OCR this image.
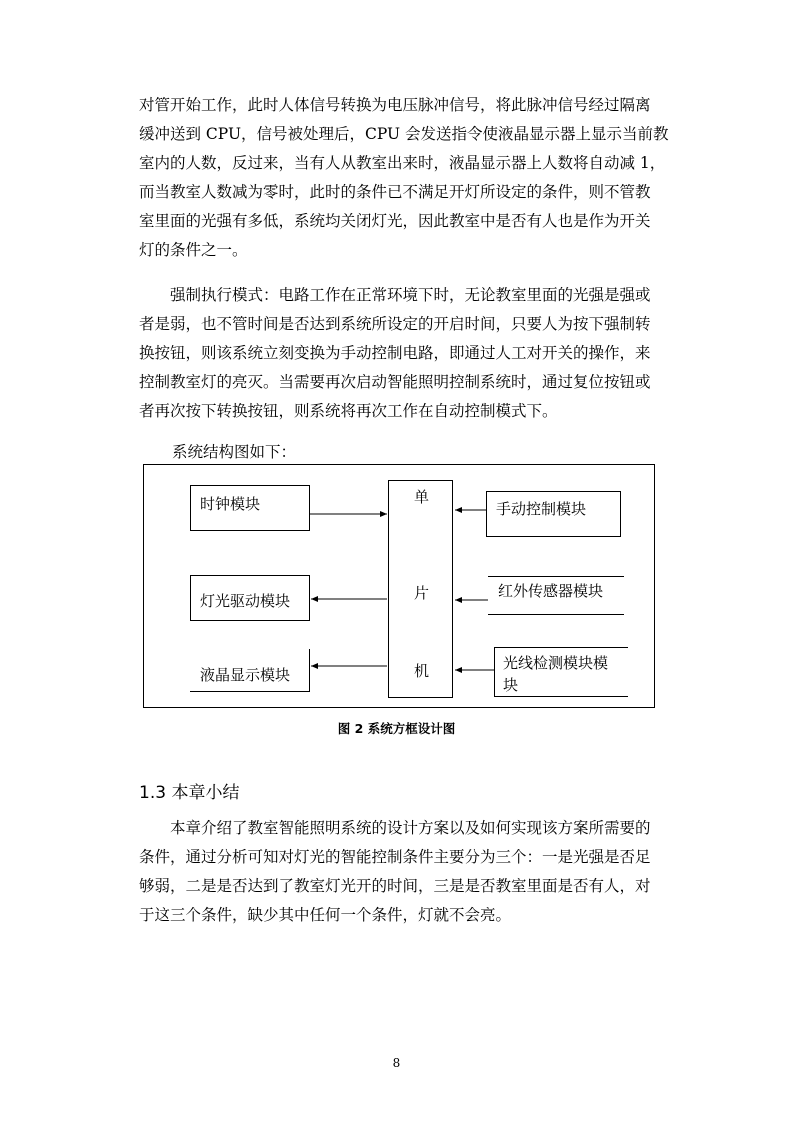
对管开始工作，此时人体信号转换为电压脉冲信号，将此脉冲信号经过隔离
缓冲送到 CPU，信号被处理后，CPU 会发送指令使液晶显示器上显示当前教
室内的人数，反过来，当有人从教室出来时，液晶显示器上人数将自动减 1，
而当教室人数减为零时，此时的条件已不满足开灯所设定的条件，则不管教
室里面的光强有多低，系统均关闭灯光，因此教室中是否有人也是作为开关
灯的条件之一。
　　强制执行模式：电路工作在正常环境下时，无论教室里面的光强是强或
者是弱，也不管时间是否达到系统所设定的开启时间，只要人为按下强制转
换按钮，则该系统立刻变换为手动控制电路，即通过人工对开关的操作，来
控制教室灯的亮灭。当需要再次启动智能照明控制系统时，通过复位按钮或
者再次按下转换按钮，则系统将再次工作在自动控制模式下。

系统结构图如下：

时钟模块
灯光驱动模块
液晶显示模块
单
片
机
手动控制模块
红外传感器模块
光线检测模块模
块
图 2 系统方框设计图
1.3 本章小结
　　本章介绍了教室智能照明系统的设计方案以及如何实现该方案所需要的
条件，通过分析可知对灯光的智能控制条件主要分为三个：一是光强是否足
够弱，二是是否达到了教室灯光开的时间，三是是否教室里面是否有人，对
于这三个条件，缺少其中任何一个条件，灯就不会亮。
8
